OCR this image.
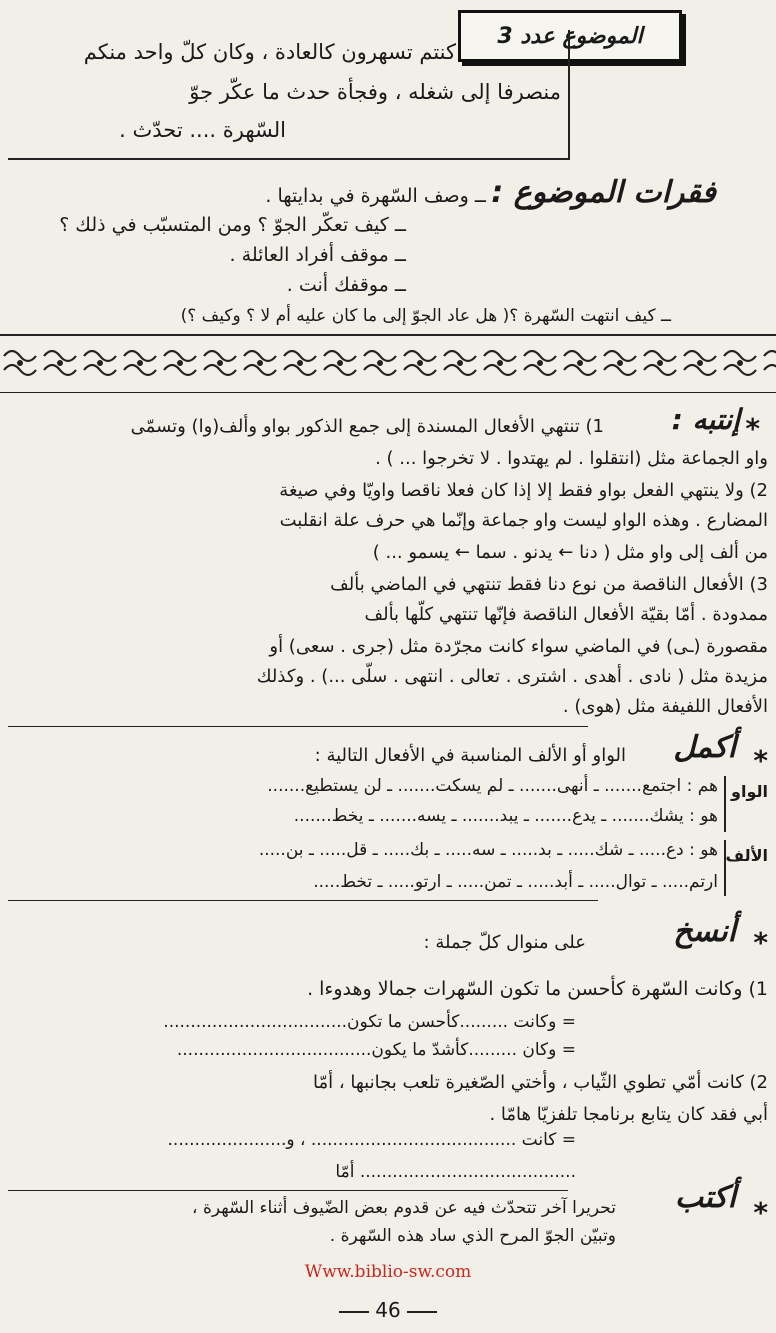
الموضوع عدد 3
كنتم تسهرون كالعادة ، وكان كلّ واحد منكم
منصرفا إلى شغله ، وفجأة حدث ما عكّر جوّ
السّهرة .... تحدّث .
فقرات الموضوع :
ــ وصف السّهرة في بدايتها .
ــ كيف تعكّر الجوّ ؟ ومن المتسبّب في ذلك ؟
ــ موقف أفراد العائلة .
ــ موقفك أنت .
ــ كيف انتهت السّهرة ؟( هل عاد الجوّ إلى ما كان عليه أم لا ؟ وكيف ؟)
*
إنتبه :
1) تنتهي الأفعال المسندة إلى جمع الذكور بواو وألف(وا) وتسمّى
واو الجماعة مثل (انتقلوا . لم يهتدوا . لا تخرجوا ... ) .
2) ولا ينتهي الفعل بواو فقط إلا إذا كان فعلا ناقصا واويّا وفي صيغة
المضارع . وهذه الواو ليست واو جماعة وإنّما هي حرف علة انقلبت
من ألف إلى واو مثل ( دنا ← يدنو . سما ← يسمو ... )
3) الأفعال الناقصة من نوع دنا فقط تنتهي في الماضي بألف
ممدودة . أمّا بقيّة الأفعال الناقصة فإنّها تنتهي كلّها بألف
مقصورة (ـى) في الماضي سواء كانت مجرّدة مثل (جرى . سعى) أو
مزيدة مثل ( نادى . أهدى . اشترى . تعالى . انتهى . سلّى ...) . وكذلك
الأفعال اللفيفة مثل (هوى) .
*
أكمل
الواو أو الألف المناسبة في الأفعال التالية :
الواو
هم : اجتمع....... ـ أنهى....... ـ لم يسكت....... ـ لن يستطيع.......
هو : يشك....... ـ يدع....... ـ يبد....... ـ يسه....... ـ يخط.......
الألف
هو : دع..... ـ شك..... ـ بد..... ـ سه..... ـ بك..... ـ قل..... ـ بن.....
ارتم..... ـ توال..... ـ أبد..... ـ تمن..... ـ ارتو..... ـ تخط.....
*
أنسخ
على منوال كلّ جملة :
1) وكانت السّهرة كأحسن ما تكون السّهرات جمالا وهدوءا .
= وكانت .........كأحسن ما تكون..................................
= وكان .........كأشدّ ما يكون....................................
2) كانت أمّي تطوي الثّياب ، وأختي الصّغيرة تلعب بجانبها ، أمّا
أبي فقد كان يتابع برنامجا تلفزيّا هامّا .
= كانت ...................................... ، و......................
........................................ أمّا
*
أكتب
تحريرا آخر تتحدّث فيه عن قدوم بعض الضّيوف أثناء السّهرة ،
وتبيّن الجوّ المرح الذي ساد هذه السّهرة .
Www.biblio-sw.com
46
